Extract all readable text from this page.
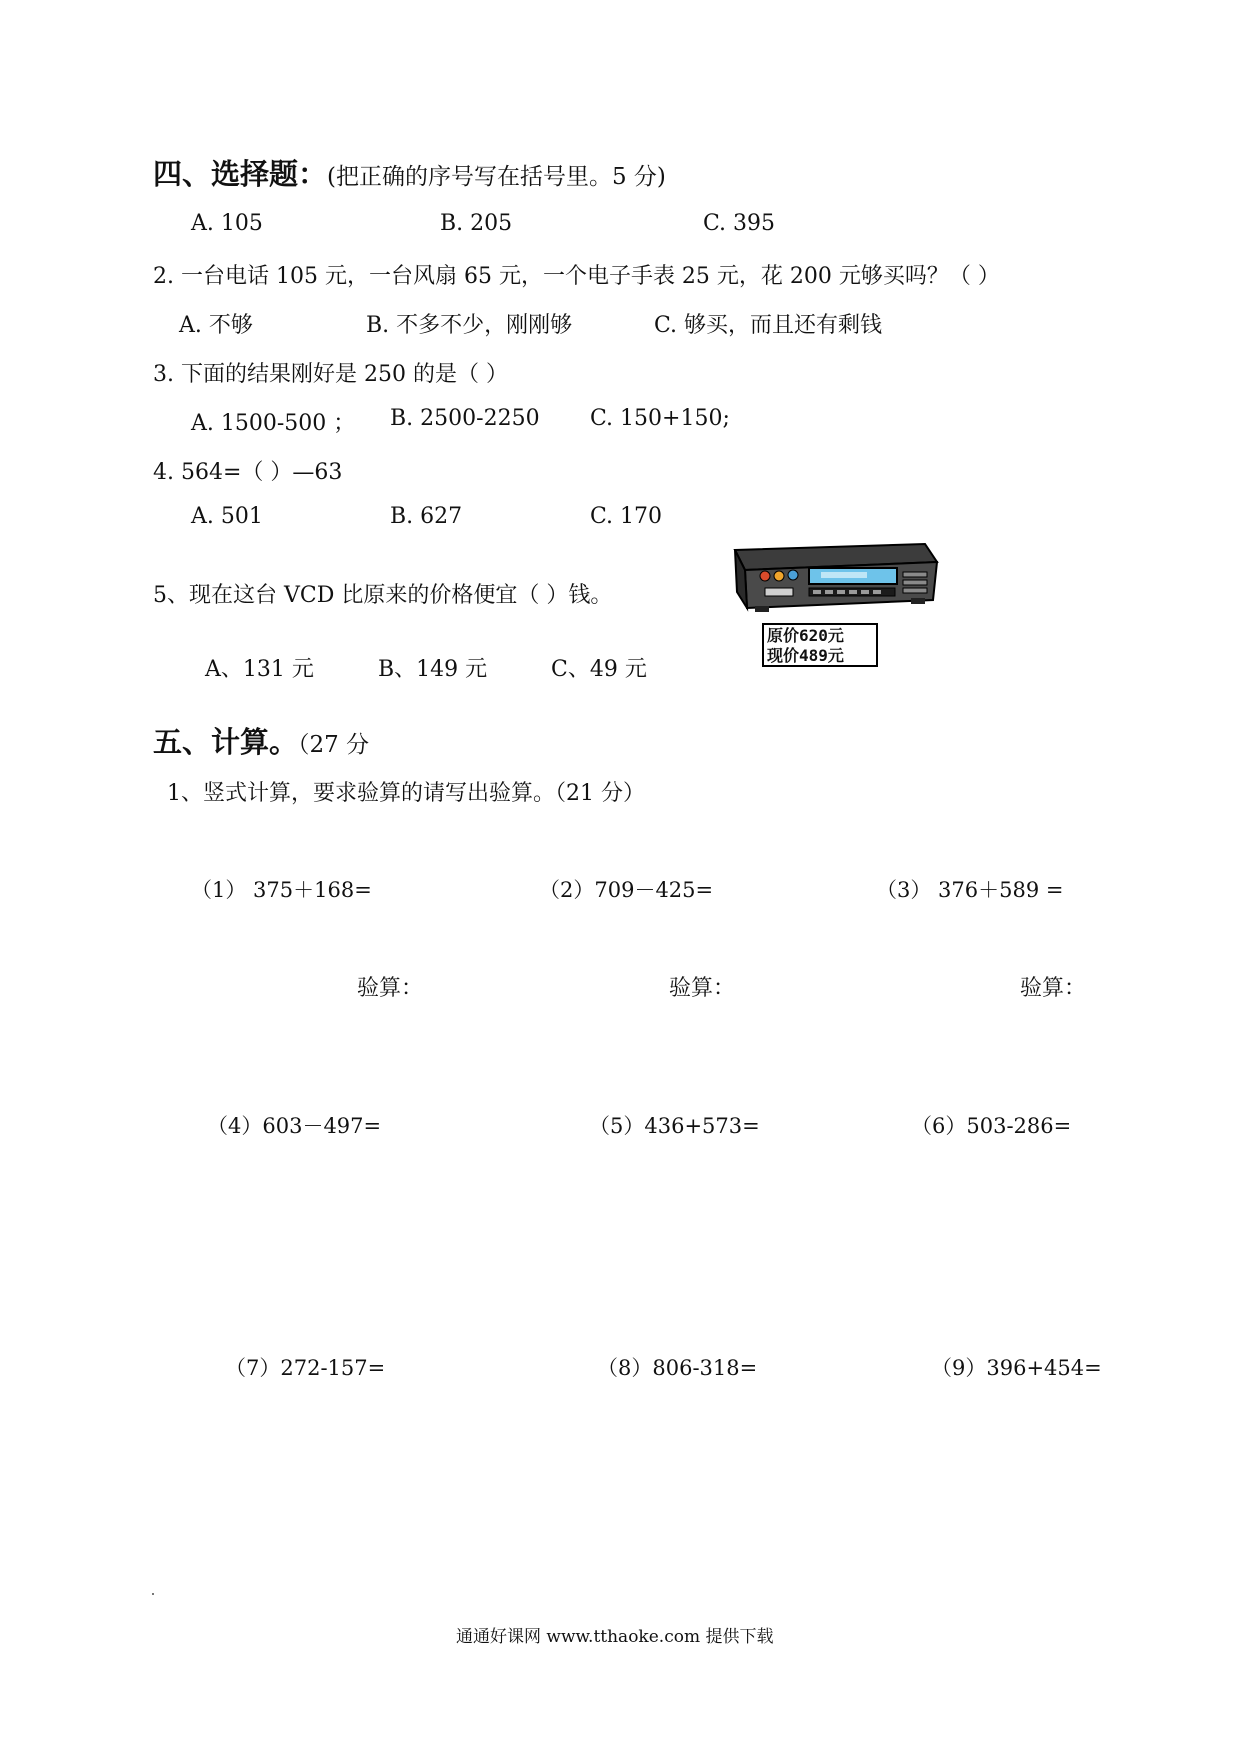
四、选择题：(把正确的序号写在括号里。5 分)
A. 105	B. 205	C. 395
2. 一台电话 105 元，一台风扇 65 元，一个电子手表 25 元，花 200 元够买吗？（ ）
A. 不够	B. 不多不少，刚刚够	C. 够买，而且还有剩钱
3. 下面的结果刚好是 250 的是（ ）
A. 1500-500 ； B. 2500-2250 C. 150+150;
4. 564=（ ）—63
A. 501	B. 627	C. 170
5、现在这台 VCD 比原来的价格便宜（ ）钱。
A、131 元	B、149 元	C、49 元
原价620元
现价489元
五、计算。（27 分
1、竖式计算，要求验算的请写出验算。（21 分）
（1） 375＋168=	（2）709－425=	（3） 376＋589 =
验算：	验算：	验算：
（4）603－497=	（5）436+573=	（6）503-286=
（7）272-157=	（8）806-318=	（9）396+454=
通通好课网 www.tthaoke.com 提供下载
